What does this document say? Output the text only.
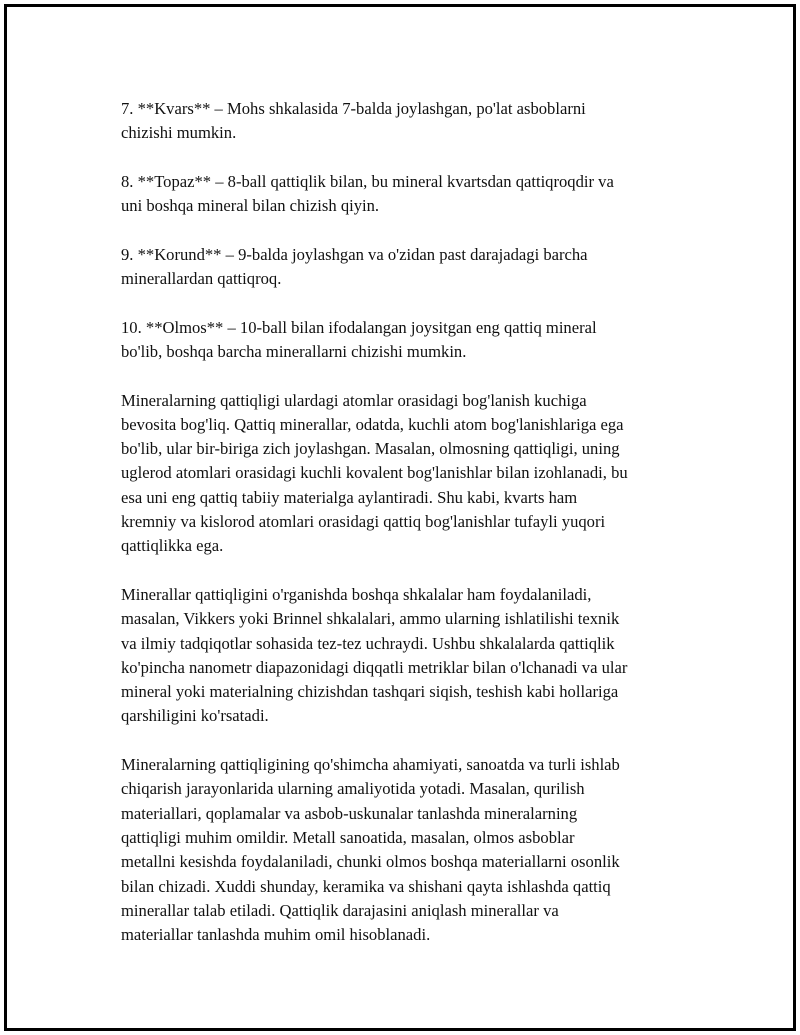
7. **Kvars** – Mohs shkalasida 7-balda joylashgan, po'lat asboblarni
chizishi mumkin.

8. **Topaz** – 8-ball qattiqlik bilan, bu mineral kvartsdan qattiqroqdir va
uni boshqa mineral bilan chizish qiyin.

9. **Korund** – 9-balda joylashgan va o'zidan past darajadagi barcha
minerallardan qattiqroq.

10. **Olmos** – 10-ball bilan ifodalangan joysitgan eng qattiq mineral
bo'lib, boshqa barcha minerallarni chizishi mumkin.

Mineralarning qattiqligi ulardagi atomlar orasidagi bog'lanish kuchiga
bevosita bog'liq. Qattiq minerallar, odatda, kuchli atom bog'lanishlariga ega
bo'lib, ular bir-biriga zich joylashgan. Masalan, olmosning qattiqligi, uning
uglerod atomlari orasidagi kuchli kovalent bog'lanishlar bilan izohlanadi, bu
esa uni eng qattiq tabiiy materialga aylantiradi. Shu kabi, kvarts ham
kremniy va kislorod atomlari orasidagi qattiq bog'lanishlar tufayli yuqori
qattiqlikka ega.

Minerallar qattiqligini o'rganishda boshqa shkalalar ham foydalaniladi,
masalan, Vikkers yoki Brinnel shkalalari, ammo ularning ishlatilishi texnik
va ilmiy tadqiqotlar sohasida tez-tez uchraydi. Ushbu shkalalarda qattiqlik
ko'pincha nanometr diapazonidagi diqqatli metriklar bilan o'lchanadi va ular
mineral yoki materialning chizishdan tashqari siqish, teshish kabi hollariga
qarshiligini ko'rsatadi.

Mineralarning qattiqligining qo'shimcha ahamiyati, sanoatda va turli ishlab
chiqarish jarayonlarida ularning amaliyotida yotadi. Masalan, qurilish
materiallari, qoplamalar va asbob-uskunalar tanlashda mineralarning
qattiqligi muhim omildir. Metall sanoatida, masalan, olmos asboblar
metallni kesishda foydalaniladi, chunki olmos boshqa materiallarni osonlik
bilan chizadi. Xuddi shunday, keramika va shishani qayta ishlashda qattiq
minerallar talab etiladi. Qattiqlik darajasini aniqlash minerallar va
materiallar tanlashda muhim omil hisoblanadi.
